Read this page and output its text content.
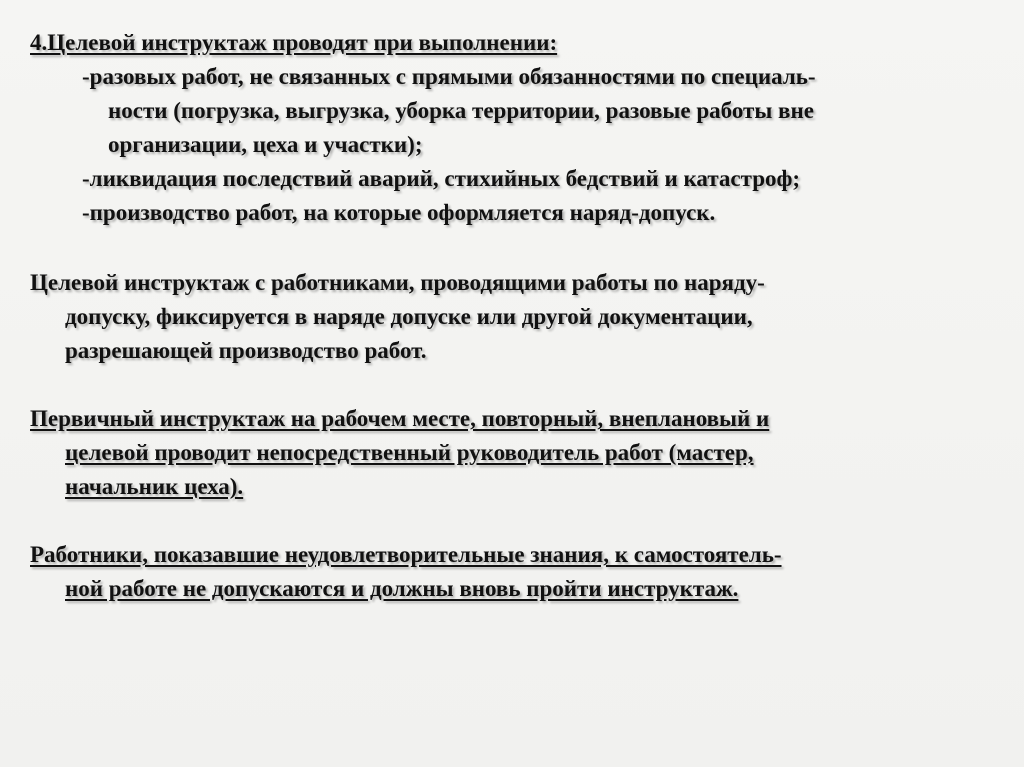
4.Целевой инструктаж проводят при выполнении:
-разовых работ, не связанных с прямыми обязанностями по специаль-
ности (погрузка, выгрузка, уборка территории, разовые работы вне
организации, цеха и участки);
-ликвидация последствий аварий, стихийных бедствий и катастроф;
-производство работ, на которые оформляется наряд-допуск.
Целевой инструктаж с работниками, проводящими работы по наряду-
допуску, фиксируется в наряде допуске или другой документации,
разрешающей производство работ.
Первичный инструктаж на рабочем месте, повторный, внеплановый и
целевой проводит непосредственный руководитель работ (мастер,
начальник цеха).
Работники, показавшие неудовлетворительные знания, к самостоятель-
ной работе не допускаются и должны вновь пройти инструктаж.
